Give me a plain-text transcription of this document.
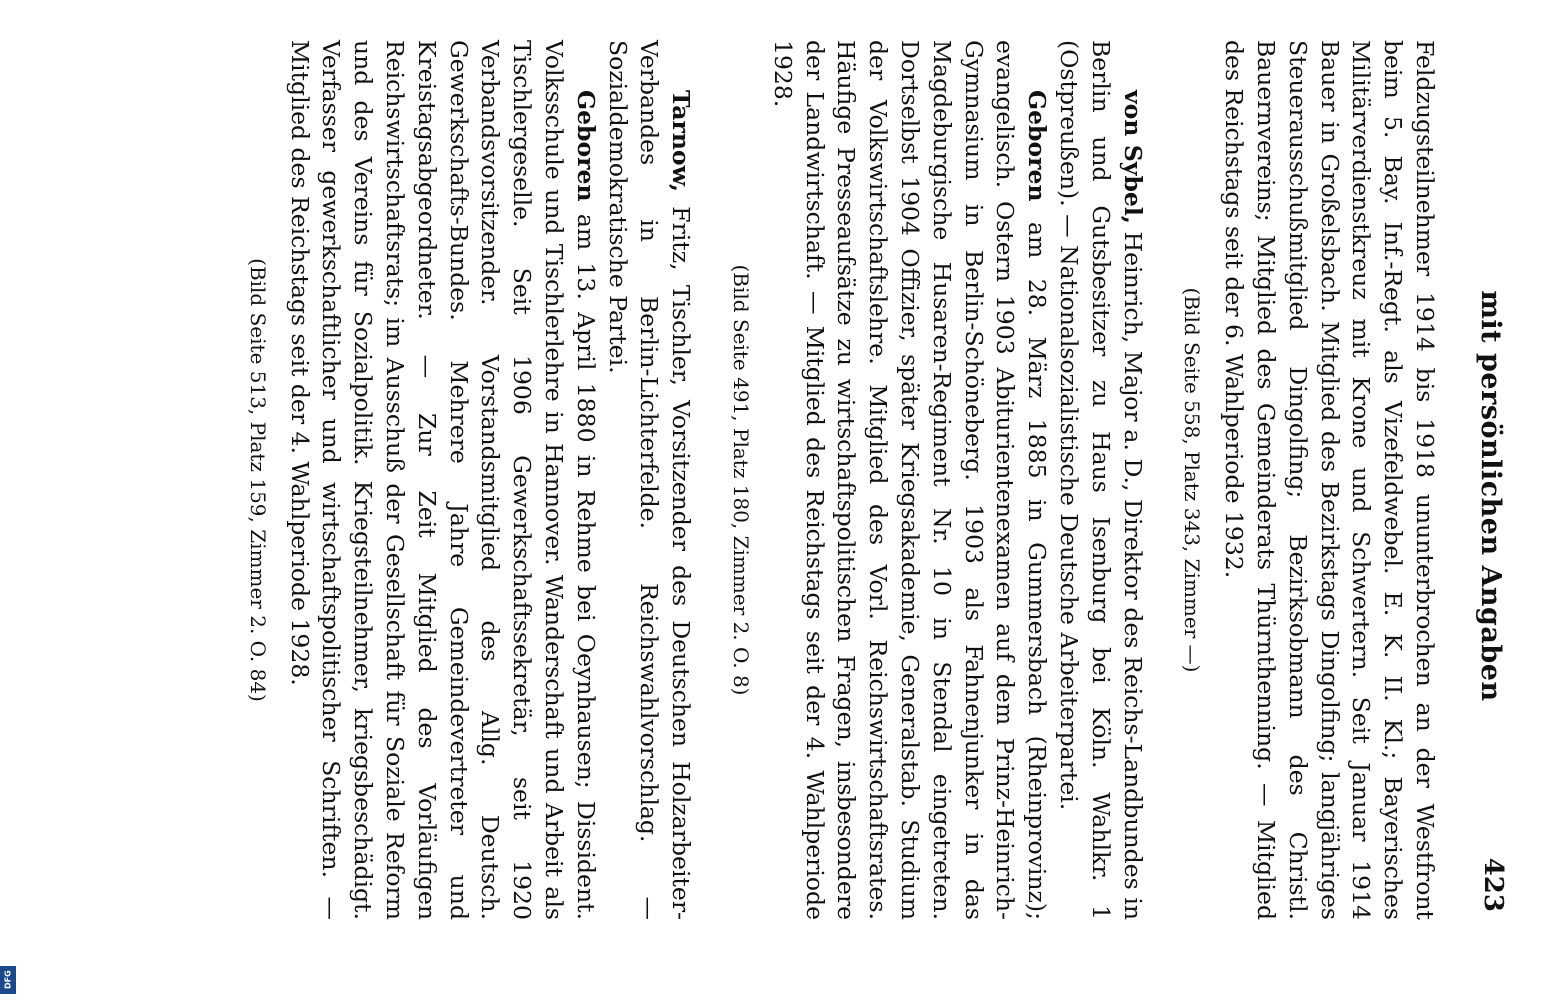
mit persönlichen Angaben
423

Feldzugsteilnehmer 1914 bis 1918 ununterbrochen an der Westfront beim 5. Bay. Inf.-Regt. als Vizefeldwebel. E. K. II. Kl.; Bayerisches Militärverdienstkreuz mit Krone und Schwertern. Seit Januar 1914 Bauer in Großelsbach. Mitglied des Bezirkstags Dingolfing; langjähriges Steuerausschußmitglied Dingolfing; Bezirksobmann des Christl. Bauernvereins; Mitglied des Gemeinderats Thürnthenning. — Mitglied des Reichstags seit der 6. Wahlperiode 1932.

(Bild Seite 558, Platz 343, Zimmer —)

von Sybel, Heinrich, Major a. D., Direktor des Reichs-Landbundes in Berlin und Gutsbesitzer zu Haus Isenburg bei Köln. Wahlkr. 1 (Ostpreußen). — Nationalsozialistische Deutsche Arbeiterpartei.

Geboren am 28. März 1885 in Gummersbach (Rheinprovinz); evangelisch. Ostern 1903 Abiturientenexamen auf dem Prinz-Heinrich-Gymnasium in Berlin-Schöneberg. 1903 als Fahnenjunker in das Magdeburgische Husaren-Regiment Nr. 10 in Stendal eingetreten. Dortselbst 1904 Offizier, später Kriegsakademie, Generalstab. Studium der Volkswirtschaftslehre. Mitglied des Vorl. Reichswirtschaftsrates. Häufige Presseaufsätze zu wirtschaftspolitischen Fragen, insbesondere der Landwirtschaft. — Mitglied des Reichstags seit der 4. Wahlperiode 1928.

(Bild Seite 491, Platz 180, Zimmer 2. O. 8)

Tarnow, Fritz, Tischler, Vorsitzender des Deutschen Holzarbeiter-Verbandes in Berlin-Lichterfelde. Reichswahlvorschlag. — Sozialdemokratische Partei.

Geboren am 13. April 1880 in Rehme bei Oeynhausen; Dissident. Volksschule und Tischlerlehre in Hannover. Wanderschaft und Arbeit als Tischlergeselle. Seit 1906 Gewerkschaftssekretär, seit 1920 Verbandsvorsitzender. Vorstandsmitglied des Allg. Deutsch. Gewerkschafts-Bundes. Mehrere Jahre Gemeindevertreter und Kreistagsabgeordneter. — Zur Zeit Mitglied des Vorläufigen Reichswirtschaftsrats; im Ausschuß der Gesellschaft für Soziale Reform und des Vereins für Sozialpolitik. Kriegsteilnehmer, kriegsbeschädigt. Verfasser gewerkschaftlicher und wirtschaftspolitischer Schriften. — Mitglied des Reichstags seit der 4. Wahlperiode 1928.

(Bild Seite 513, Platz 159, Zimmer 2. O. 84)
DFG
